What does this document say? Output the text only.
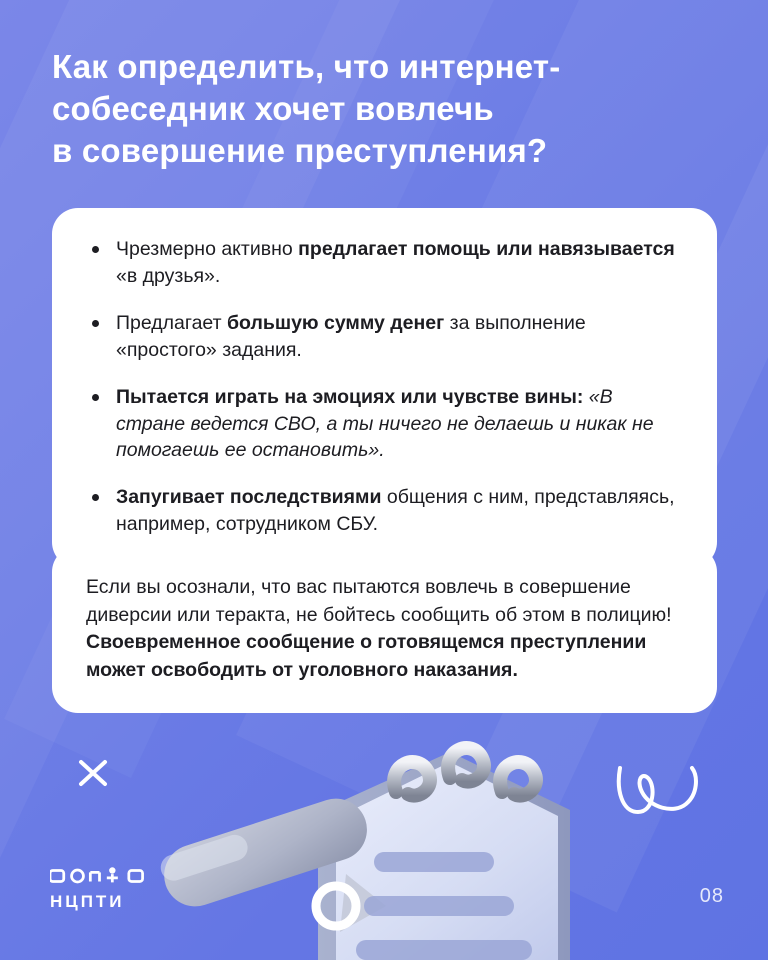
Как определить, что интернет-
собеседник хочет вовлечь
в совершение преступления?
Чрезмерно активно предлагает помощь или навязывается «в друзья».
Предлагает большую сумму денег за выполнение «простого» задания.
Пытается играть на эмоциях или чувстве вины: «В стране ведется СВО, а ты ничего не делаешь и никак не помогаешь ее остановить».
Запугивает последствиями общения с ним, представляясь, например, сотрудником СБУ.
Если вы осознали, что вас пытаются вовлечь в совершение диверсии или теракта, не бойтесь сообщить об этом в полицию! Своевременное сообщение о готовящемся преступлении может освободить от уголовного наказания.
НЦПТИ	08
